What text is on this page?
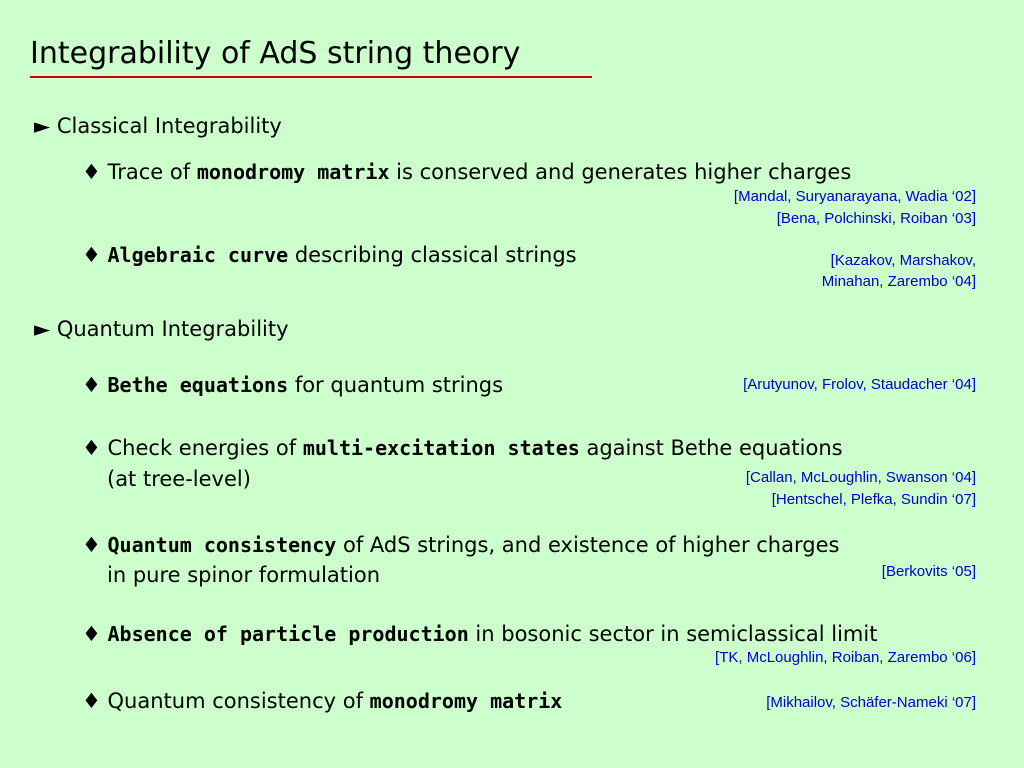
Integrability of AdS string theory
► Classical Integrability
♦ Trace of monodromy matrix is conserved and generates higher charges
[Mandal, Suryanarayana, Wadia ‘02]
[Bena, Polchinski, Roiban ‘03]
♦ Algebraic curve describing classical strings	[Kazakov, Marshakov,
Minahan, Zarembo ‘04]
► Quantum Integrability
♦ Bethe equations for quantum strings	[Arutyunov, Frolov, Staudacher ‘04]
♦ Check energies of multi-excitation states against Bethe equations
(at tree-level)	[Callan, McLoughlin, Swanson ‘04]
[Hentschel, Plefka, Sundin ‘07]
♦ Quantum consistency of AdS strings, and existence of higher charges
in pure spinor formulation	[Berkovits ‘05]
♦ Absence of particle production in bosonic sector in semiclassical limit
[TK, McLoughlin, Roiban, Zarembo ‘06]
♦ Quantum consistency of monodromy matrix	[Mikhailov, Schäfer-Nameki ‘07]
